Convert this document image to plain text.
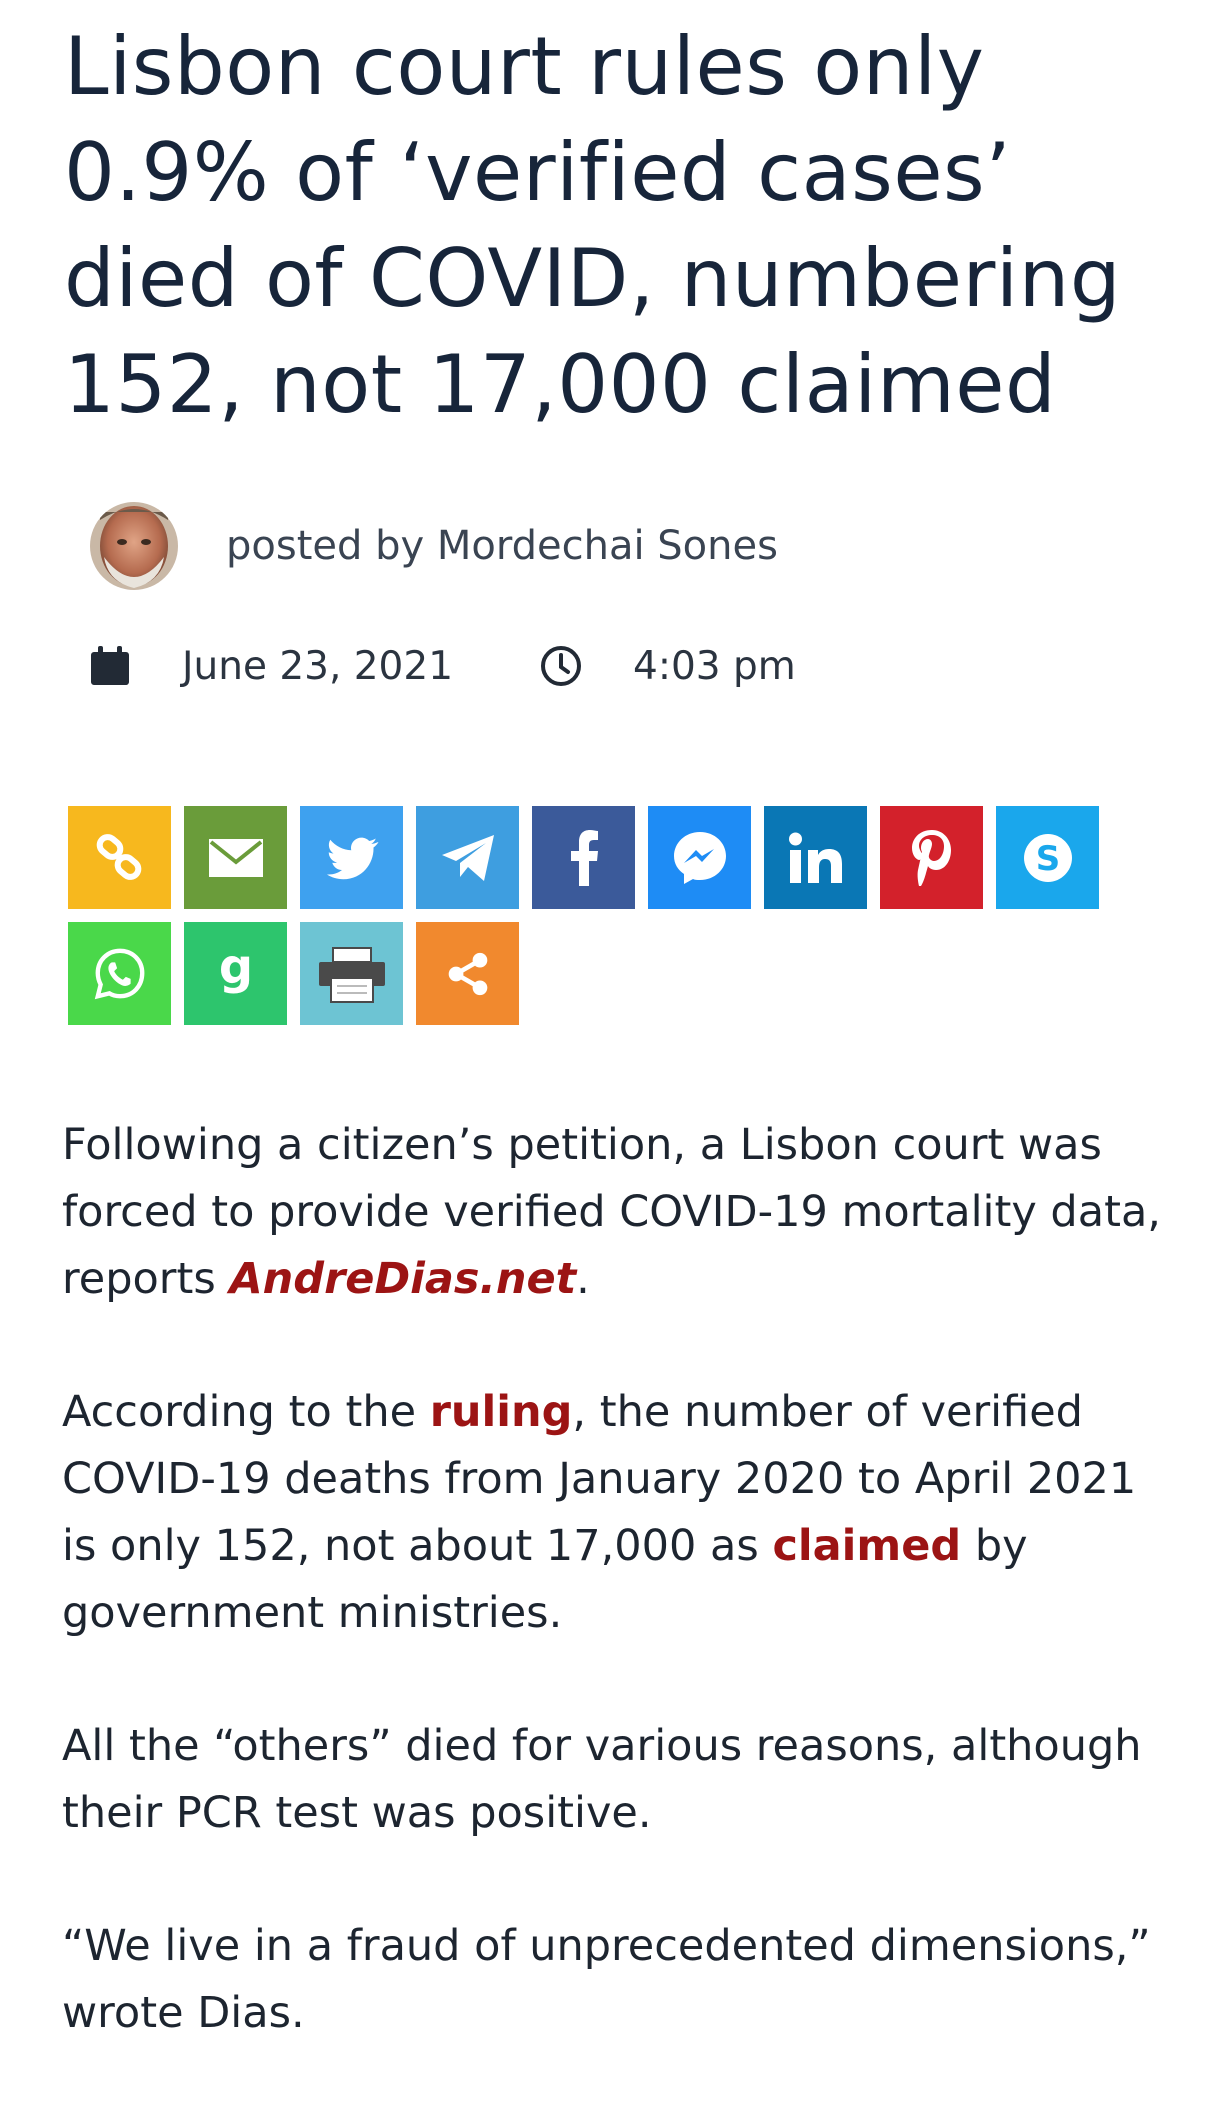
Lisbon court rules only 0.9% of ‘verified cases’ died of COVID, numbering 152, not 17,000 claimed
posted by Mordechai Sones
June 23, 2021	4:03 pm
S
g

Following a citizen’s petition, a Lisbon court was forced to provide verified COVID-19 mortality data, reports AndreDias.net.

According to the ruling, the number of verified COVID-19 deaths from January 2020 to April 2021 is only 152, not about 17,000 as claimed by government ministries.

All the “others” died for various reasons, although their PCR test was positive.

“We live in a fraud of unprecedented dimensions,” wrote Dias.
